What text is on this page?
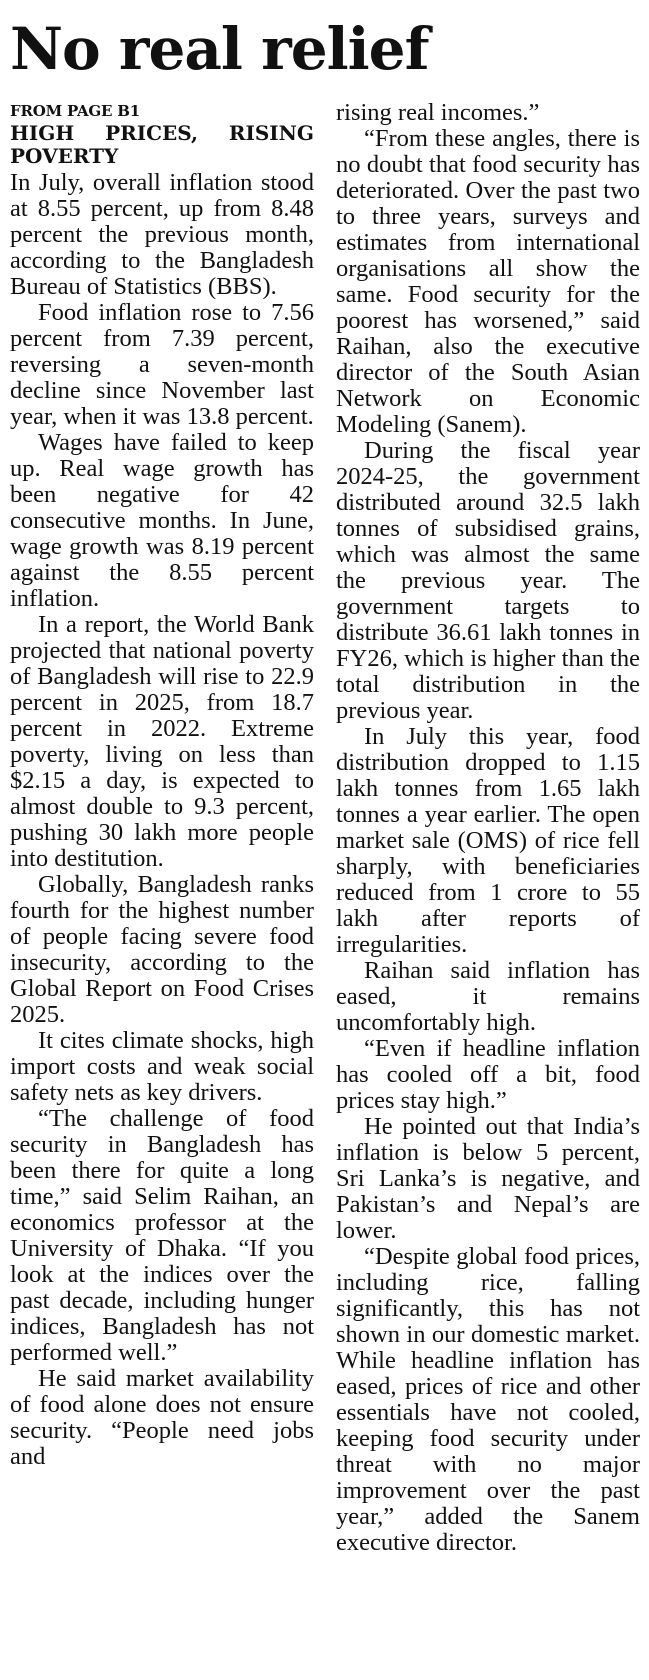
No real relief
FROM PAGE B1
HIGH PRICES, RISING POVERTY

In July, overall inflation stood at 8.55 percent, up from 8.48 percent the previous month, according to the Bangladesh Bureau of Statistics (BBS).

Food inflation rose to 7.56 percent from 7.39 percent, reversing a seven-month decline since November last year, when it was 13.8 percent.

Wages have failed to keep up. Real wage growth has been negative for 42 consecutive months. In June, wage growth was 8.19 percent against the 8.55 percent inflation.

In a report, the World Bank projected that national poverty of Bangladesh will rise to 22.9 percent in 2025, from 18.7 percent in 2022. Extreme poverty, living on less than $2.15 a day, is expected to almost double to 9.3 percent, pushing 30 lakh more people into destitution.

Globally, Bangladesh ranks fourth for the highest number of people facing severe food insecurity, according to the Global Report on Food Crises 2025.

It cites climate shocks, high import costs and weak social safety nets as key drivers.

“The challenge of food security in Bangladesh has been there for quite a long time,” said Selim Raihan, an economics professor at the University of Dhaka. “If you look at the indices over the past decade, including hunger indices, Bangladesh has not performed well.”

He said market availability of food alone does not ensure security. “People need jobs and

rising real incomes.”

“From these angles, there is no doubt that food security has deteriorated. Over the past two to three years, surveys and estimates from international organisations all show the same. Food security for the poorest has worsened,” said Raihan, also the executive director of the South Asian Network on Economic Modeling (Sanem).

During the fiscal year 2024-25, the government distributed around 32.5 lakh tonnes of subsidised grains, which was almost the same the previous year. The government targets to distribute 36.61 lakh tonnes in FY26, which is higher than the total distribution in the previous year.

In July this year, food distribution dropped to 1.15 lakh tonnes from 1.65 lakh tonnes a year earlier. The open market sale (OMS) of rice fell sharply, with beneficiaries reduced from 1 crore to 55 lakh after reports of irregularities.

Raihan said inflation has eased, it remains uncomfortably high.

“Even if headline inflation has cooled off a bit, food prices stay high.”

He pointed out that India’s inflation is below 5 percent, Sri Lanka’s is negative, and Pakistan’s and Nepal’s are lower.

“Despite global food prices, including rice, falling significantly, this has not shown in our domestic market. While headline inflation has eased, prices of rice and other essentials have not cooled, keeping food security under threat with no major improvement over the past year,” added the Sanem executive director.
